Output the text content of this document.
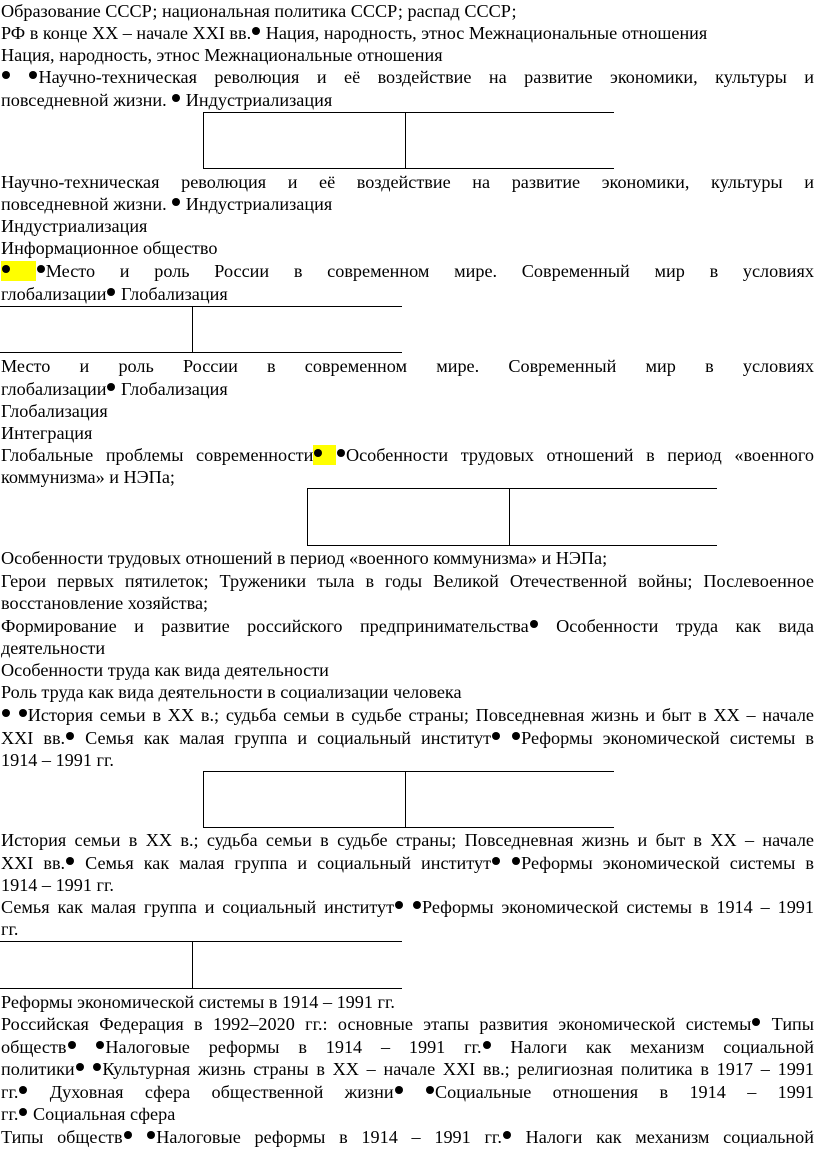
Образование СССР; национальная политика СССР; распад СССР;
РФ в конце XX – начале XXI вв. Нация, народность, этнос Межнациональные отношения
Нация, народность, этнос Межнациональные отношения
Научно-техническая революция и её воздействие на развитие экономики, культуры и
повседневной жизни. Индустриализация
Научно-техническая революция и её воздействие на развитие экономики, культуры и
повседневной жизни. Индустриализация
Индустриализация
Информационное общество
Место и роль России в современном мире. Современный мир в условиях
глобализации Глобализация
Место и роль России в современном мире. Современный мир в условиях
глобализации Глобализация
Глобализация
Интеграция
Глобальные проблемы современности Особенности трудовых отношений в период «военного
коммунизма» и НЭПа;
Особенности трудовых отношений в период «военного коммунизма» и НЭПа;
Герои первых пятилеток; Труженики тыла в годы Великой Отечественной войны; Послевоенное
восстановление хозяйства;
Формирование и развитие российского предпринимательства Особенности труда как вида
деятельности
Особенности труда как вида деятельности
Роль труда как вида деятельности в социализации человека
История семьи в XX в.; судьба семьи в судьбе страны; Повседневная жизнь и быт в XX – начале
XXI вв. Семья как малая группа и социальный институт Реформы экономической системы в
1914 – 1991 гг.
История семьи в XX в.; судьба семьи в судьбе страны; Повседневная жизнь и быт в XX – начале
XXI вв. Семья как малая группа и социальный институт Реформы экономической системы в
1914 – 1991 гг.
Семья как малая группа и социальный институт Реформы экономической системы в 1914 – 1991
гг.
Реформы экономической системы в 1914 – 1991 гг.
Российская Федерация в 1992–2020 гг.: основные этапы развития экономической системы Типы
обществ Налоговые реформы в 1914 – 1991 гг. Налоги как механизм социальной
политики Культурная жизнь страны в XX – начале XXI вв.; религиозная политика в 1917 – 1991
гг. Духовная сфера общественной жизни Социальные отношения в 1914 – 1991
гг. Социальная сфера
Типы обществ Налоговые реформы в 1914 – 1991 гг. Налоги как механизм социальной
